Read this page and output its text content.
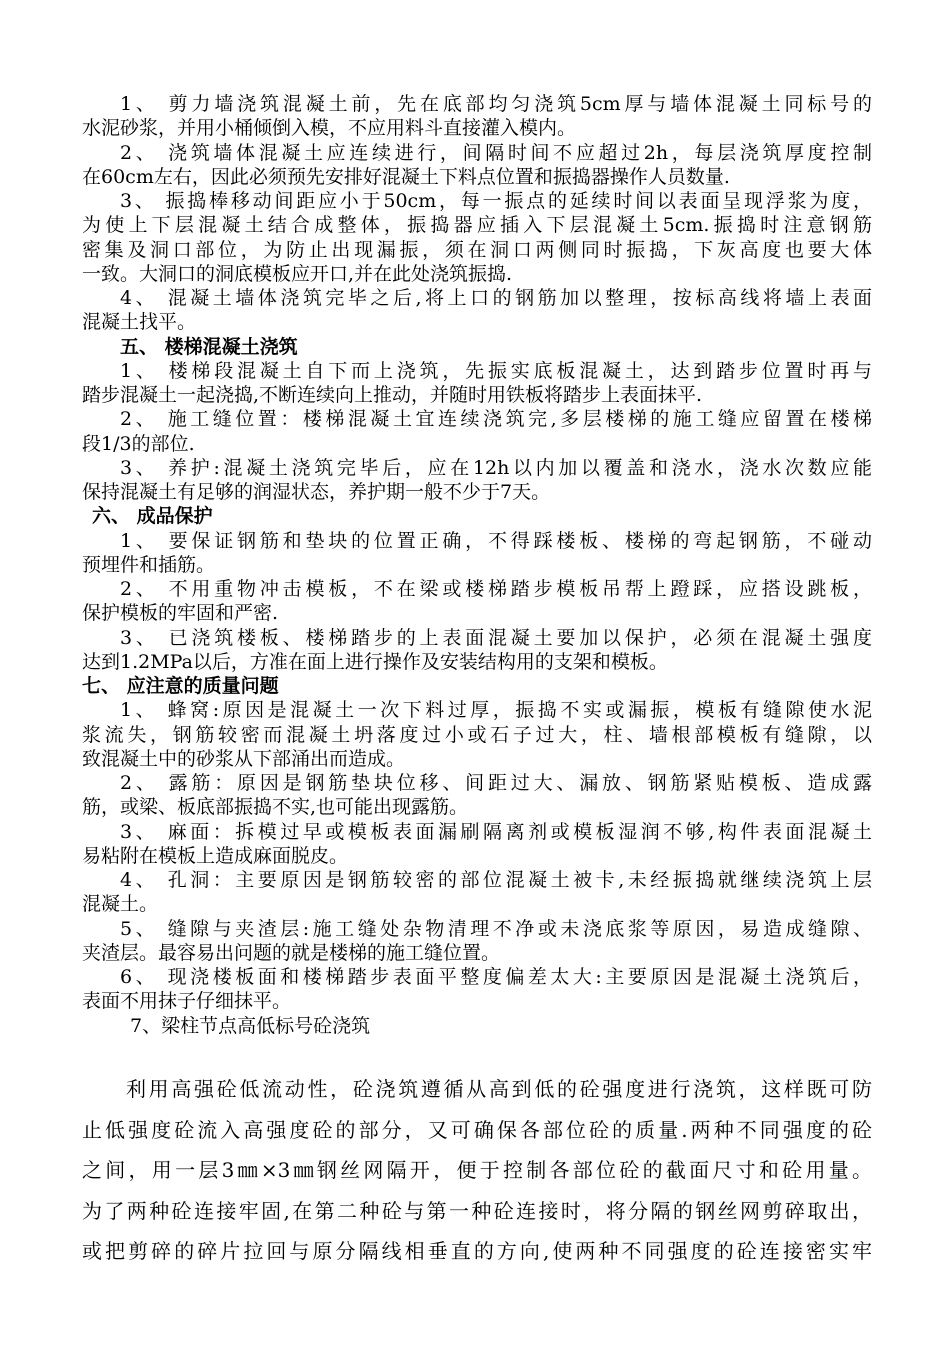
1、 剪力墙浇筑混凝土前，先在底部均匀浇筑5cm厚与墙体混凝土同标号的
水泥砂浆，并用小桶倾倒入模，不应用料斗直接灌入模内。
2、 浇筑墙体混凝土应连续进行，间隔时间不应超过2h，每层浇筑厚度控制
在60cm左右，因此必须预先安排好混凝土下料点位置和振捣器操作人员数量.
3、 振捣棒移动间距应小于50cm，每一振点的延续时间以表面呈现浮浆为度，
为使上下层混凝土结合成整体，振捣器应插入下层混凝土5cm.振捣时注意钢筋
密集及洞口部位，为防止出现漏振，须在洞口两侧同时振捣，下灰高度也要大体
一致。大洞口的洞底模板应开口,并在此处浇筑振捣.
4、 混凝土墙体浇筑完毕之后,将上口的钢筋加以整理，按标高线将墙上表面
混凝土找平。
五、 楼梯混凝土浇筑
1、 楼梯段混凝土自下而上浇筑，先振实底板混凝土，达到踏步位置时再与
踏步混凝土一起浇捣,不断连续向上推动，并随时用铁板将踏步上表面抹平.
2、 施工缝位置：楼梯混凝土宜连续浇筑完,多层楼梯的施工缝应留置在楼梯
段1/3的部位.
3、 养护:混凝土浇筑完毕后，应在12h以内加以覆盖和浇水，浇水次数应能
保持混凝土有足够的润湿状态，养护期一般不少于7天。
六、 成品保护
1、 要保证钢筋和垫块的位置正确，不得踩楼板、楼梯的弯起钢筋，不碰动
预埋件和插筋。
2、 不用重物冲击模板，不在梁或楼梯踏步模板吊帮上蹬踩，应搭设跳板，
保护模板的牢固和严密.
3、 已浇筑楼板、楼梯踏步的上表面混凝土要加以保护，必须在混凝土强度
达到1.2MPa以后，方准在面上进行操作及安装结构用的支架和模板。
七、 应注意的质量问题
1、 蜂窝:原因是混凝土一次下料过厚，振捣不实或漏振，模板有缝隙使水泥
浆流失，钢筋较密而混凝土坍落度过小或石子过大，柱、墙根部模板有缝隙，以
致混凝土中的砂浆从下部涌出而造成。
2、 露筋：原因是钢筋垫块位移、间距过大、漏放、钢筋紧贴模板、造成露
筋，或梁、板底部振捣不实,也可能出现露筋。
3、 麻面：拆模过早或模板表面漏刷隔离剂或模板湿润不够,构件表面混凝土
易粘附在模板上造成麻面脱皮。
4、 孔洞：主要原因是钢筋较密的部位混凝土被卡,未经振捣就继续浇筑上层
混凝土。
5、 缝隙与夹渣层:施工缝处杂物清理不净或未浇底浆等原因，易造成缝隙、
夹渣层。最容易出问题的就是楼梯的施工缝位置。
6、 现浇楼板面和楼梯踏步表面平整度偏差太大:主要原因是混凝土浇筑后，
表面不用抹子仔细抹平。
7、梁柱节点高低标号砼浇筑
利用高强砼低流动性，砼浇筑遵循从高到低的砼强度进行浇筑，这样既可防
止低强度砼流入高强度砼的部分，又可确保各部位砼的质量.两种不同强度的砼
之间，用一层3㎜×3㎜钢丝网隔开，便于控制各部位砼的截面尺寸和砼用量。
为了两种砼连接牢固,在第二种砼与第一种砼连接时，将分隔的钢丝网剪碎取出，
或把剪碎的碎片拉回与原分隔线相垂直的方向,使两种不同强度的砼连接密实牢
